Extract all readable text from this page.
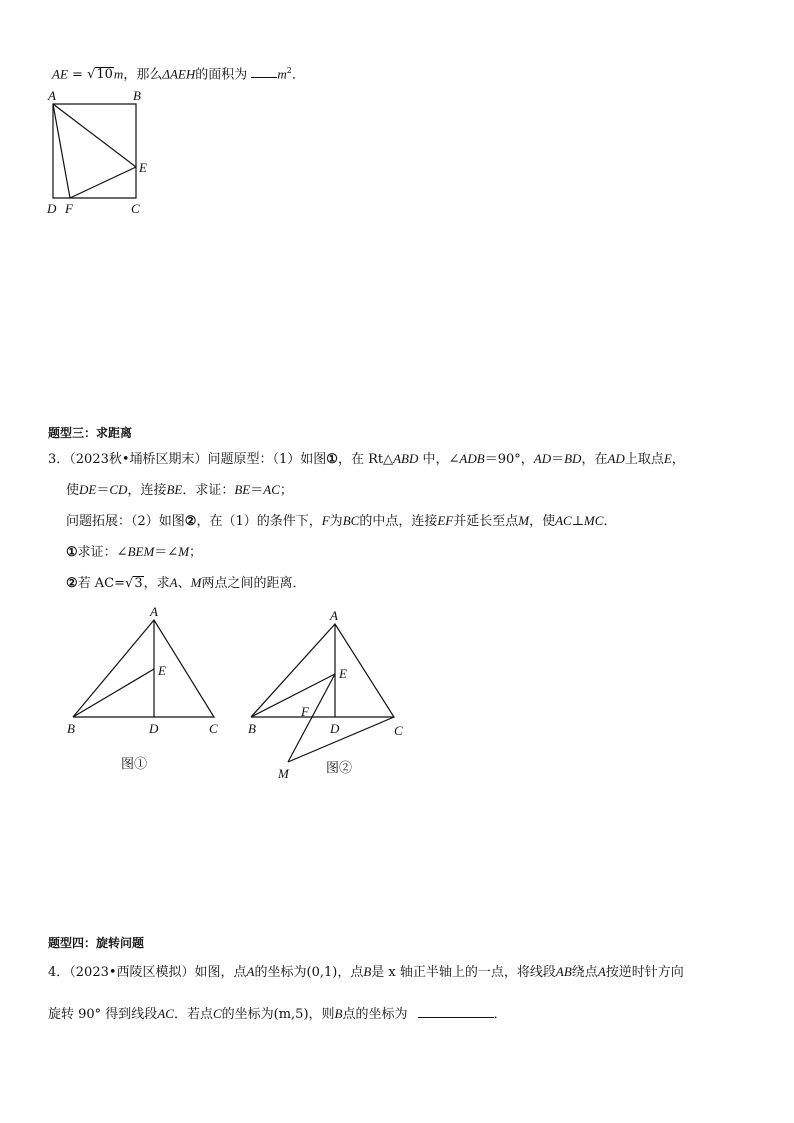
AE = √10m，那么ΔAEH的面积为 $m^2$．
A	B
E
D F	C
题型三：求距离
3．（2023秋•埇桥区期末）问题原型：（1）如图①，在 Rt△ABD 中，∠ADB＝90°，AD＝BD，在AD上取点E，
使DE＝CD，连接BE．求证：BE＝AC；
问题拓展：（2）如图②，在（1）的条件下，F为BC的中点，连接EF并延长至点M，使AC⊥MC．
①求证：∠BEM＝∠M；
②若 AC=√3，求A、M两点之间的距离．
A
E
B	D	C
图①
A
E
F
B	D	C
M	图②
题型四：旋转问题
4．（2023•西陵区模拟）如图，点A的坐标为(0,1)，点B是 x 轴正半轴上的一点，将线段AB绕点A按逆时针方向
旋转 90° 得到线段AC．若点C的坐标为(m,5)，则B点的坐标为	．
